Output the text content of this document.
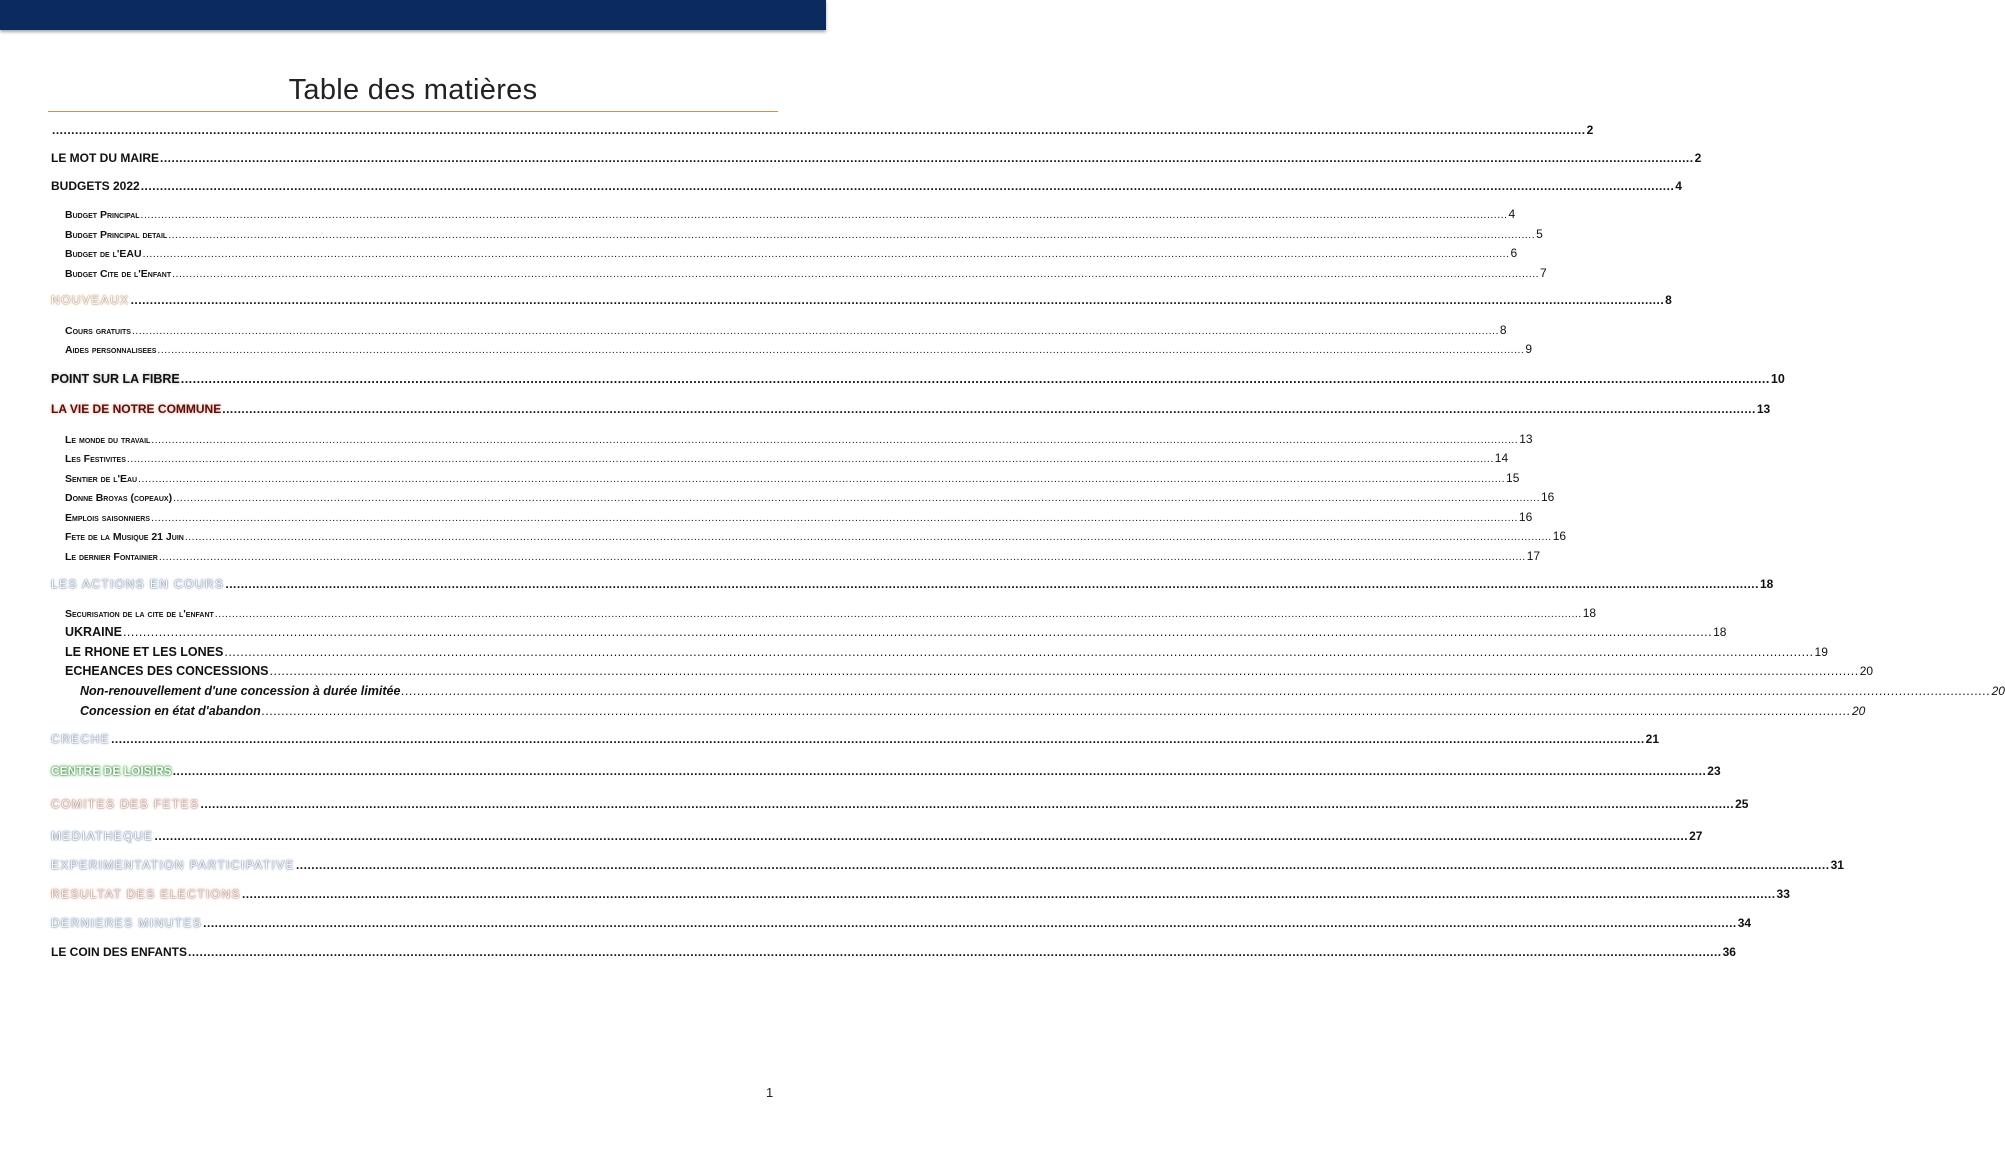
Table des matières
................................................................................................................................................................................................................................................................................................................................................................................................................ 2
LE MOT DU MAIRE ................................................................................................................................................................................................................................................................................................................................................................................................................ 2
BUDGETS 2022 ................................................................................................................................................................................................................................................................................................................................................................................................................ 4
Budget Principal ................................................................................................................................................................................................................................................................................................................................................................................................................ 4
Budget Principal detail ................................................................................................................................................................................................................................................................................................................................................................................................................ 5
Budget de l'EAU ................................................................................................................................................................................................................................................................................................................................................................................................................ 6
Budget Cite de l'Enfant ................................................................................................................................................................................................................................................................................................................................................................................................................ 7
NOUVEAUX ................................................................................................................................................................................................................................................................................................................................................................................................................ 8
Cours gratuits ................................................................................................................................................................................................................................................................................................................................................................................................................ 8
Aides personnalisees ................................................................................................................................................................................................................................................................................................................................................................................................................ 9
POINT SUR LA FIBRE ................................................................................................................................................................................................................................................................................................................................................................................................................ 10
LA VIE DE NOTRE COMMUNE ................................................................................................................................................................................................................................................................................................................................................................................................................ 13
Le monde du travail ................................................................................................................................................................................................................................................................................................................................................................................................................ 13
Les Festivites ................................................................................................................................................................................................................................................................................................................................................................................................................ 14
Sentier de l'Eau ................................................................................................................................................................................................................................................................................................................................................................................................................ 15
Donne Broyas (copeaux) ................................................................................................................................................................................................................................................................................................................................................................................................................ 16
Emplois saisonniers ................................................................................................................................................................................................................................................................................................................................................................................................................ 16
Fete de la Musique 21 Juin ................................................................................................................................................................................................................................................................................................................................................................................................................ 16
Le dernier Fontainier ................................................................................................................................................................................................................................................................................................................................................................................................................ 17
LES ACTIONS EN COURS ................................................................................................................................................................................................................................................................................................................................................................................................................ 18
Securisation de la cite de l'enfant ................................................................................................................................................................................................................................................................................................................................................................................................................ 18
UKRAINE ................................................................................................................................................................................................................................................................................................................................................................................................................ 18
LE RHONE ET LES LONES ................................................................................................................................................................................................................................................................................................................................................................................................................ 19
ECHEANCES DES CONCESSIONS ................................................................................................................................................................................................................................................................................................................................................................................................................ 20
Non-renouvellement d'une concession à durée limitée ................................................................................................................................................................................................................................................................................................................................................................................................................ 20
Concession en état d'abandon ................................................................................................................................................................................................................................................................................................................................................................................................................ 20
CRECHE ................................................................................................................................................................................................................................................................................................................................................................................................................ 21
CENTRE DE LOISIRS ................................................................................................................................................................................................................................................................................................................................................................................................................ 23
COMITES DES FETES ................................................................................................................................................................................................................................................................................................................................................................................................................ 25
MEDIATHEQUE ................................................................................................................................................................................................................................................................................................................................................................................................................ 27
EXPERIMENTATION PARTICIPATIVE ................................................................................................................................................................................................................................................................................................................................................................................................................ 31
RESULTAT DES ELECTIONS ................................................................................................................................................................................................................................................................................................................................................................................................................ 33
DERNIERES MINUTES ................................................................................................................................................................................................................................................................................................................................................................................................................ 34
LE COIN DES ENFANTS ................................................................................................................................................................................................................................................................................................................................................................................................................ 36
1
